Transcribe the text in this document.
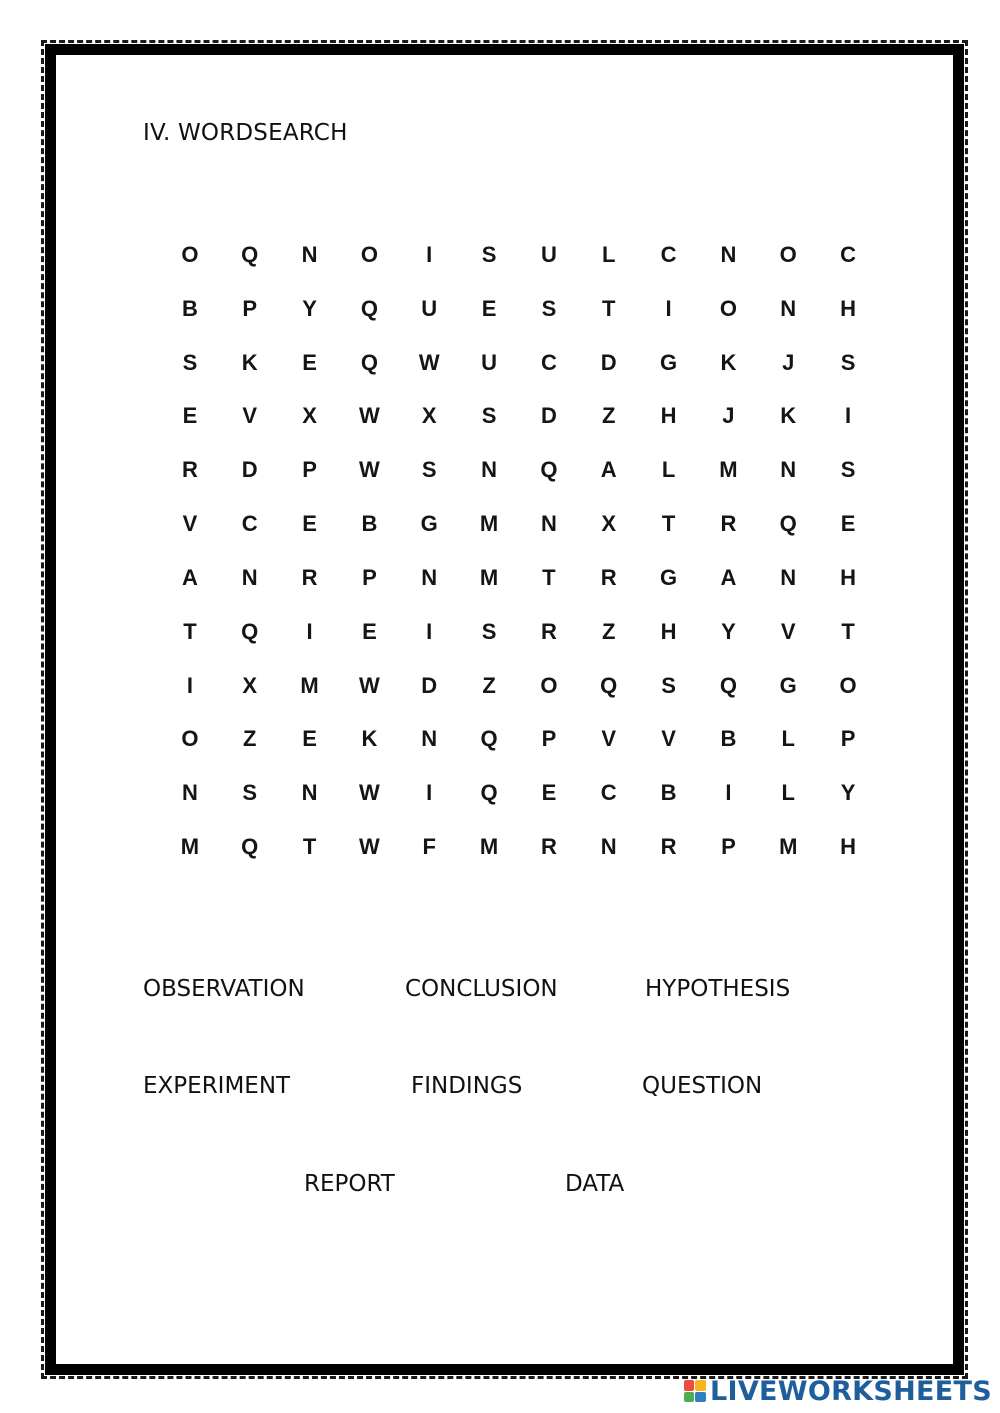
IV. WORDSEARCH
O	Q	N	O	I	S	U	L	C	N	O	C
B	P	Y	Q	U	E	S	T	I	O	N	H
S	K	E	Q	W	U	C	D	G	K	J	S
E	V	X	W	X	S	D	Z	H	J	K	I
R	D	P	W	S	N	Q	A	L	M	N	S
V	C	E	B	G	M	N	X	T	R	Q	E
A	N	R	P	N	M	T	R	G	A	N	H
T	Q	I	E	I	S	R	Z	H	Y	V	T
I	X	M	W	D	Z	O	Q	S	Q	G	O
O	Z	E	K	N	Q	P	V	V	B	L	P
N	S	N	W	I	Q	E	C	B	I	L	Y
M	Q	T	W	F	M	R	N	R	P	M	H
OBSERVATION	CONCLUSION	HYPOTHESIS
EXPERIMENT	FINDINGS	QUESTION
REPORT	DATA
LIVEWORKSHEETS
